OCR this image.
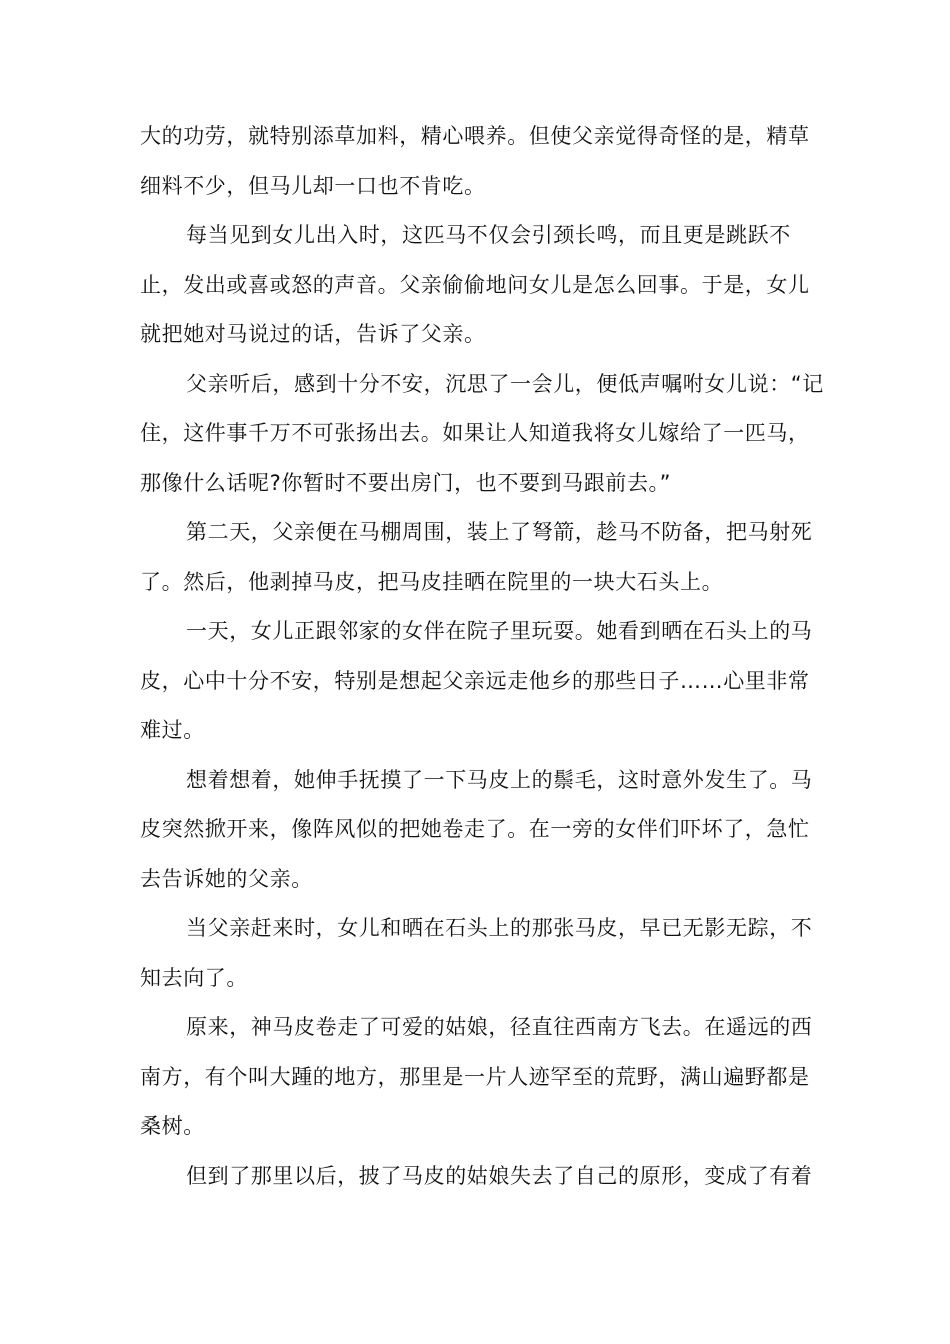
大的功劳，就特别添草加料，精心喂养。但使父亲觉得奇怪的是，精草细料不少，但马儿却一口也不肯吃。

每当见到女儿出入时，这匹马不仅会引颈长鸣，而且更是跳跃不止，发出或喜或怒的声音。父亲偷偷地问女儿是怎么回事。于是，女儿就把她对马说过的话，告诉了父亲。

父亲听后，感到十分不安，沉思了一会儿，便低声嘱咐女儿说：“记住，这件事千万不可张扬出去。如果让人知道我将女儿嫁给了一匹马，那像什么话呢?你暂时不要出房门，也不要到马跟前去。”

第二天，父亲便在马棚周围，装上了弩箭，趁马不防备，把马射死了。然后，他剥掉马皮，把马皮挂晒在院里的一块大石头上。

一天，女儿正跟邻家的女伴在院子里玩耍。她看到晒在石头上的马皮，心中十分不安，特别是想起父亲远走他乡的那些日子……心里非常难过。

想着想着，她伸手抚摸了一下马皮上的鬃毛，这时意外发生了。马皮突然掀开来，像阵风似的把她卷走了。在一旁的女伴们吓坏了，急忙去告诉她的父亲。

当父亲赶来时，女儿和晒在石头上的那张马皮，早已无影无踪，不知去向了。

原来，神马皮卷走了可爱的姑娘，径直往西南方飞去。在遥远的西南方，有个叫大踵的地方，那里是一片人迹罕至的荒野，满山遍野都是桑树。

但到了那里以后，披了马皮的姑娘失去了自己的原形，变成了有着
